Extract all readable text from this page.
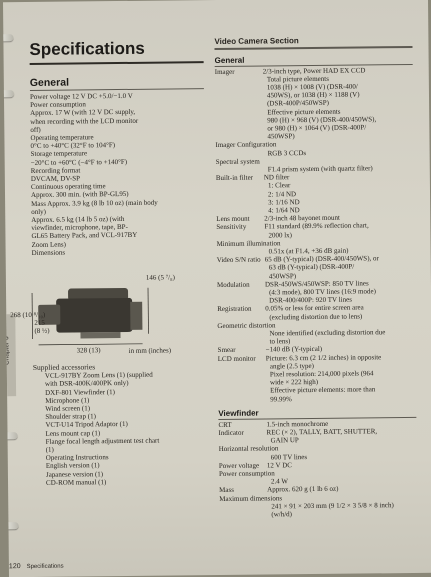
Chapter 6
Specifications
General
Power voltage 12 V DC +5.0/−1.0 V
Power consumption
Approx. 17 W (with 12 V DC supply,
when recording with the LCD monitor
off)
Operating temperature
0°C to +40°C (32°F to 104°F)
Storage temperature
−20°C to +60°C (−4°F to +140°F)
Recording format
DVCAM, DV-SP
Continuous operating time
Approx. 300 min. (with BP-GL95)
Mass Approx. 3.9 kg (8 lb 10 oz) (main body
only)
Approx. 6.5 kg (14 lb 5 oz) (with
viewfinder, microphone, tape, BP-
GL65 Battery Pack, and VCL-917BY
Zoom Lens)
Dimensions
146 (5 ⁷/₈)
268 (10 ⁸/₁₀)
215
(8 ½)
328 (13)	in mm (inches)
Supplied accessories
VCL-917BY Zoom Lens (1) (supplied
with DSR-400K/400PK only)
DXF-801 Viewfinder (1)
Microphone (1)
Wind screen (1)
Shoulder strap (1)
VCT-U14 Tripod Adaptor (1)
Lens mount cap (1)
Flange focal length adjustment test chart
(1)
Operating Instructions
English version (1)
Japanese version (1)
CD-ROM manual (1)
Video Camera Section
General
Imager	2/3-inch type, Power HAD EX CCD
Total picture elements
1038 (H) × 1008 (V) (DSR-400/
450WS), or 1038 (H) × 1188 (V)
(DSR-400P/450WSP)
Effective picture elements
980 (H) × 968 (V) (DSR-400/450WS),
or 980 (H) × 1064 (V) (DSR-400P/
450WSP)
Imager Configuration
RGB 3 CCDs
Spectral system
F1.4 prism system (with quartz filter)
Built-in filter ND filter
1: Clear
2: 1/4 ND
3: 1/16 ND
4: 1/64 ND
Lens mount 2/3-inch 48 bayonet mount
Sensitivity	F11 standard (89.9% reflection chart,
2000 lx)
Minimum illumination
0.51x (at F1.4, +36 dB gain)
Video S/N ratio 65 dB (Y-typical) (DSR-400/450WS), or
63 dB (Y-typical) (DSR-400P/
450WSP)
Modulation DSR-450WS/450WSP: 850 TV lines
(4:3 mode), 800 TV lines (16:9 mode)
DSR-400/400P: 920 TV lines
Registration 0.05% or less for entire screen area
(excluding distortion due to lens)
Geometric distortion
None identified (excluding distortion due
to lens)
Smear	−140 dB (Y-typical)
LCD monitor Picture: 6.3 cm (2 1/2 inches) in opposite
angle (2.5 type)
Pixel resolution: 214,000 pixels (964
wide × 222 high)
Effective picture elements: more than
99.99%
Viewfinder
CRT	1.5-inch monochrome
Indicator	REC (× 2), TALLY, BATT, SHUTTER,
GAIN UP
Horizontal resolution
600 TV lines
Power voltage 12 V DC
Power consumption
2.4 W
Mass	Approx. 620 g (1 lb 6 oz)
Maximum dimensions
241 × 91 × 203 mm (9 1/2 × 3 5/8 × 8 inch)
(w/h/d)
120 Specifications
